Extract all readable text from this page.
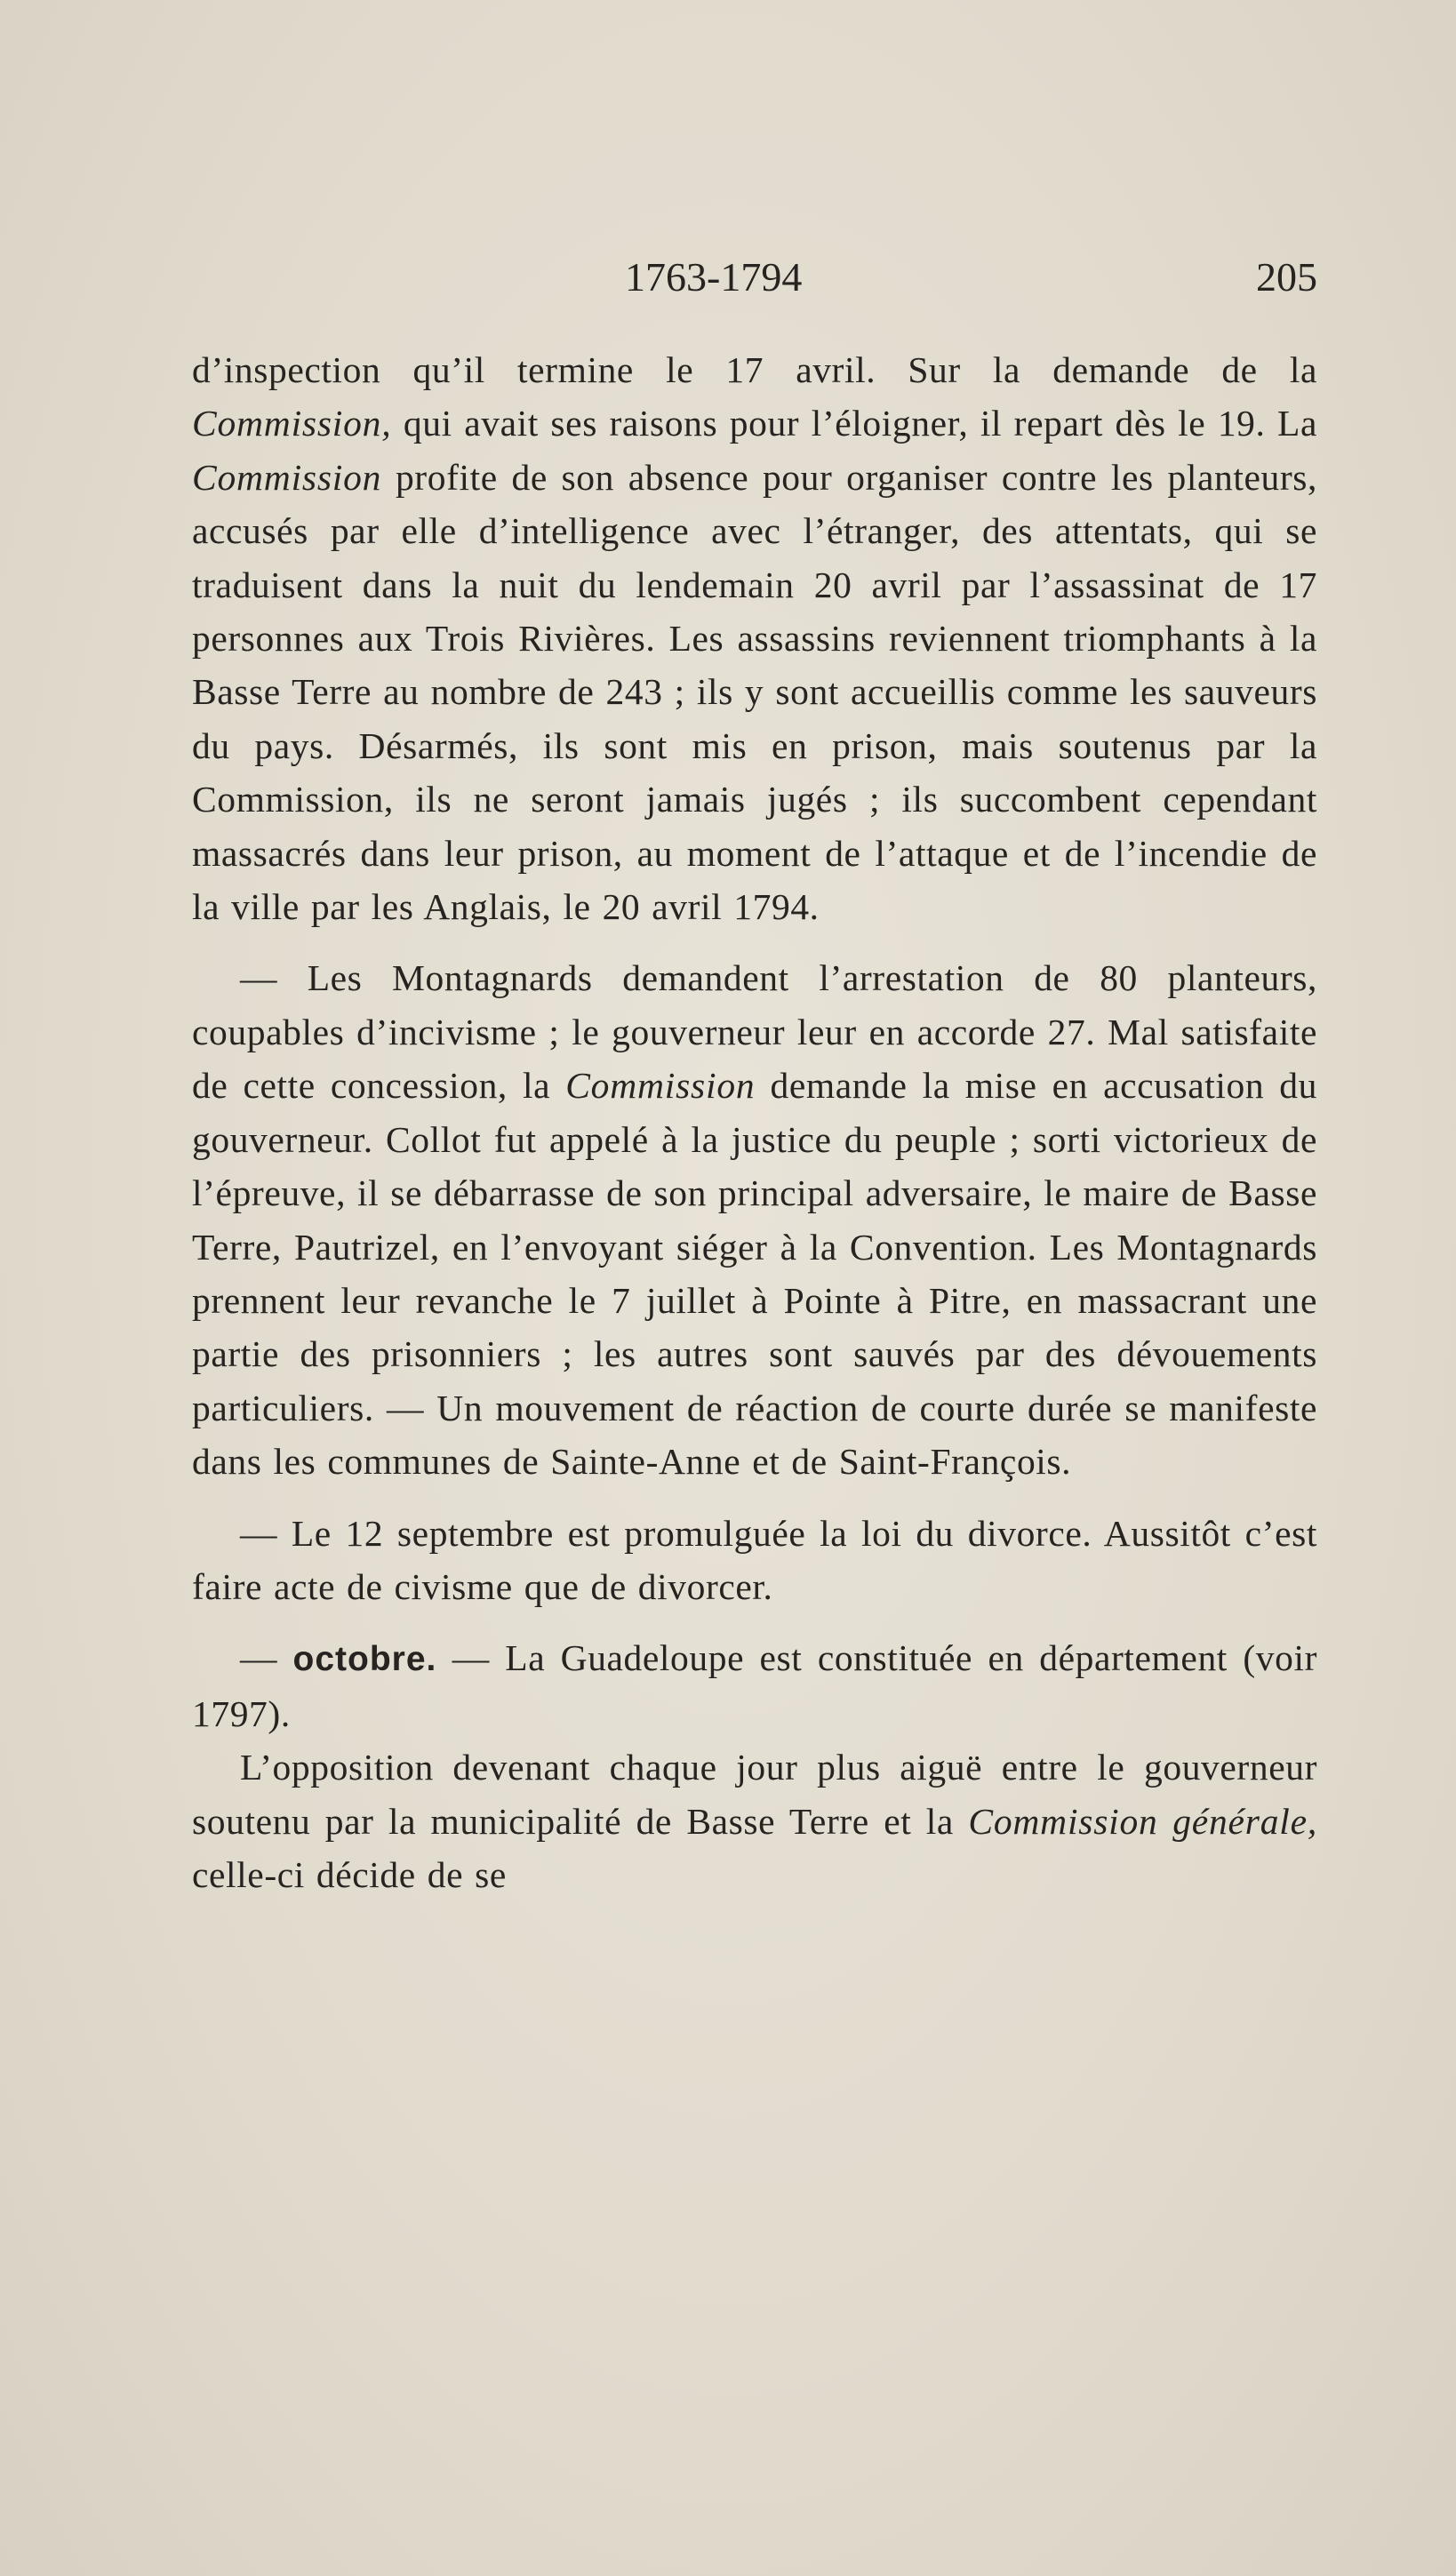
1763-1794	205

d’inspection qu’il termine le 17 avril. Sur la demande de la Commission, qui avait ses raisons pour l’éloigner, il repart dès le 19. La Commission profite de son absence pour organiser contre les planteurs, accusés par elle d’intelligence avec l’étranger, des attentats, qui se traduisent dans la nuit du lendemain 20 avril par l’assassinat de 17 personnes aux Trois Rivières. Les assassins reviennent triomphants à la Basse Terre au nombre de 243 ; ils y sont accueillis comme les sauveurs du pays. Désarmés, ils sont mis en prison, mais soutenus par la Commission, ils ne seront jamais jugés ; ils succombent cependant massacrés dans leur prison, au moment de l’attaque et de l’incendie de la ville par les Anglais, le 20 avril 1794.

— Les Montagnards demandent l’arrestation de 80 planteurs, coupables d’incivisme ; le gouverneur leur en accorde 27. Mal satisfaite de cette concession, la Commission demande la mise en accusation du gouverneur. Collot fut appelé à la justice du peuple ; sorti victorieux de l’épreuve, il se débarrasse de son principal adversaire, le maire de Basse Terre, Pautrizel, en l’envoyant siéger à la Convention. Les Montagnards prennent leur revanche le 7 juillet à Pointe à Pitre, en massacrant une partie des prisonniers ; les autres sont sauvés par des dévouements particuliers. — Un mouvement de réaction de courte durée se manifeste dans les communes de Sainte-Anne et de Saint-François.

— Le 12 septembre est promulguée la loi du divorce. Aussitôt c’est faire acte de civisme que de divorcer.

— octobre. — La Guadeloupe est constituée en département (voir 1797).

L’opposition devenant chaque jour plus aiguë entre le gouverneur soutenu par la municipalité de Basse Terre et la Commission générale, celle-ci décide de se
